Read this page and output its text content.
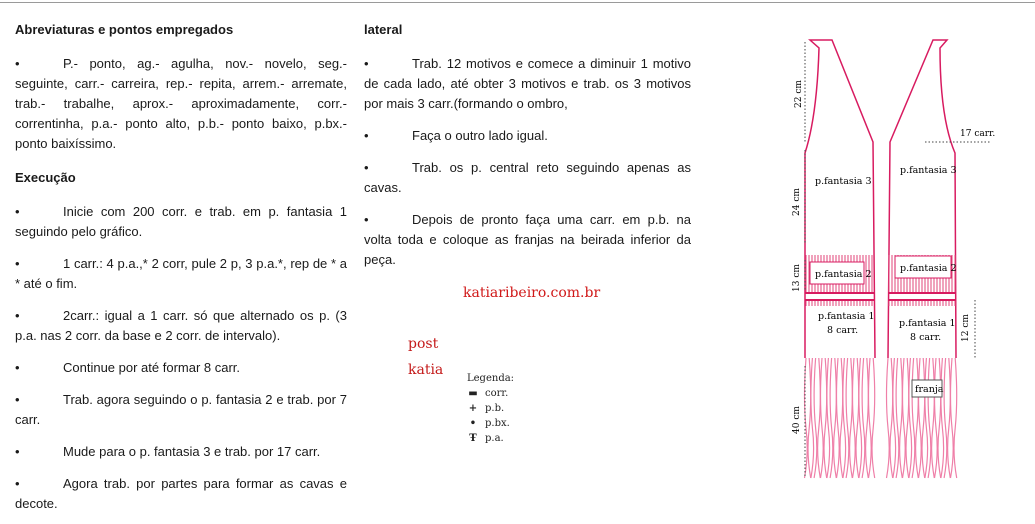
Abreviaturas e pontos empregados

•	P.- ponto, ag.- agulha, nov.- novelo, seg.- seguinte, carr.- carreira, rep.- repita, arrem.- arremate, trab.- trabalhe, aprox.- aproximadamente, corr.- correntinha, p.a.- ponto alto, p.b.- ponto baixo, p.bx.- ponto baixíssimo.

Execução

•	Inicie com 200 corr. e trab. em p. fantasia 1 seguindo pelo gráfico.

•	1 carr.: 4 p.a.,* 2 corr, pule 2 p, 3 p.a.*, rep de * a * até o fim.

•	2carr.: igual a 1 carr. só que alternado os p. (3 p.a. nas 2 corr. da base e 2 corr. de intervalo).

•	Continue por até formar 8 carr.

•	Trab. agora seguindo o p. fantasia 2 e trab. por 7 carr.

•	Mude para o p. fantasia 3 e trab. por 17 carr.

•	Agora trab. por partes para formar as cavas e decote.

lateral

•	Trab. 12 motivos e comece a diminuir 1 motivo de cada lado, até obter 3 motivos e trab. os 3 motivos por mais 3 carr.(formando o ombro,

•	Faça o outro lado igual.

•	Trab. os p. central reto seguindo apenas as cavas.

•	Depois de pronto faça uma carr. em p.b. na volta toda e coloque as franjas na beirada inferior da peça.

katiaribeiro.com.br
post
katia
Legenda:
▬ corr.
+ p.b.
• p.bx.
Ŧ p.a.
22 cm
24 cm
13 cm
40 cm
12 cm
17 carr.
p.fantasia 3
p.fantasia 3
p.fantasia 2
p.fantasia 2
p.fantasia 1
8 carr.
p.fantasia 1
8 carr.
franja
